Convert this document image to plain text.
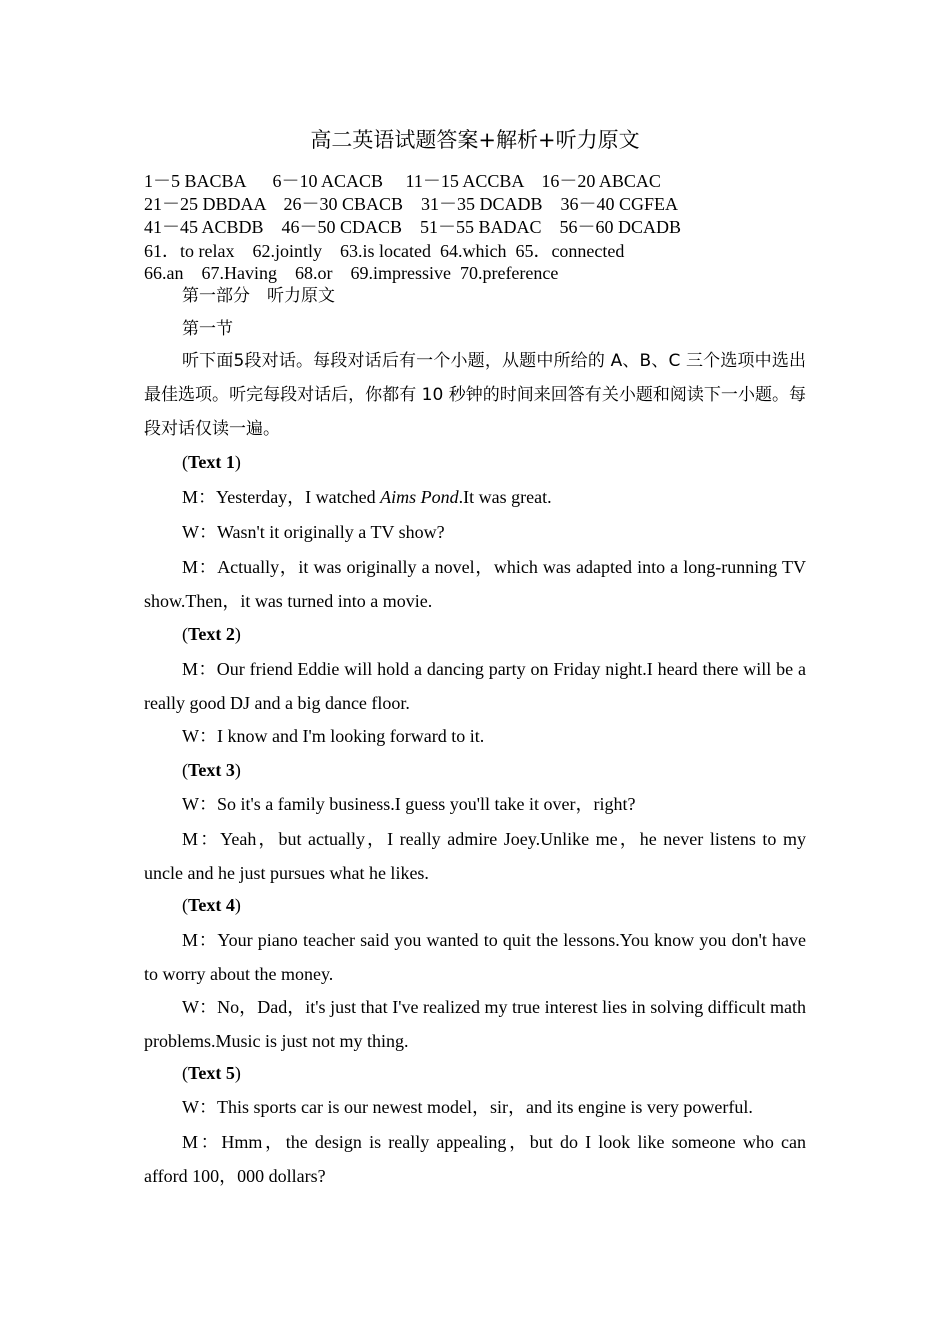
高二英语试题答案+解析+听力原文
1－5 BACBA      6－10 ACACB     11－15 ACCBA    16－20 ABCAC
21－25 DBDAA    26－30 CBACB    31－35 DCADB    36－40 CGFEA
41－45 ACBDB    46－50 CDACB    51－55 BADAC    56－60 DCADB
61．to relax    62.jointly    63.is located  64.which  65．connected
66.an    67.Having    68.or    69.impressive  70.preference
第一部分　听力原文
第一节

听下面5段对话。每段对话后有一个小题，从题中所给的 A、B、C 三个选项中选出最佳选项。听完每段对话后，你都有 10 秒钟的时间来回答有关小题和阅读下一小题。每段对话仅读一遍。

(Text 1)

M：Yesterday，I watched Aims Pond.It was great.

W：Wasn't it originally a TV show?

M：Actually，it was originally a novel，which was adapted into a long-running TV show.Then，it was turned into a movie.

(Text 2)

M：Our friend Eddie will hold a dancing party on Friday night.I heard there will be a really good DJ and a big dance floor.

W：I know and I'm looking forward to it.

(Text 3)

W：So it's a family business.I guess you'll take it over，right?

M：Yeah，but actually，I really admire Joey.Unlike me，he never listens to my uncle and he just pursues what he likes.

(Text 4)

M：Your piano teacher said you wanted to quit the lessons.You know you don't have to worry about the money.

W：No，Dad，it's just that I've realized my true interest lies in solving difficult math problems.Music is just not my thing.

(Text 5)

W：This sports car is our newest model，sir，and its engine is very powerful.

M：Hmm，the design is really appealing，but do I look like someone who can afford 100，000 dollars?
